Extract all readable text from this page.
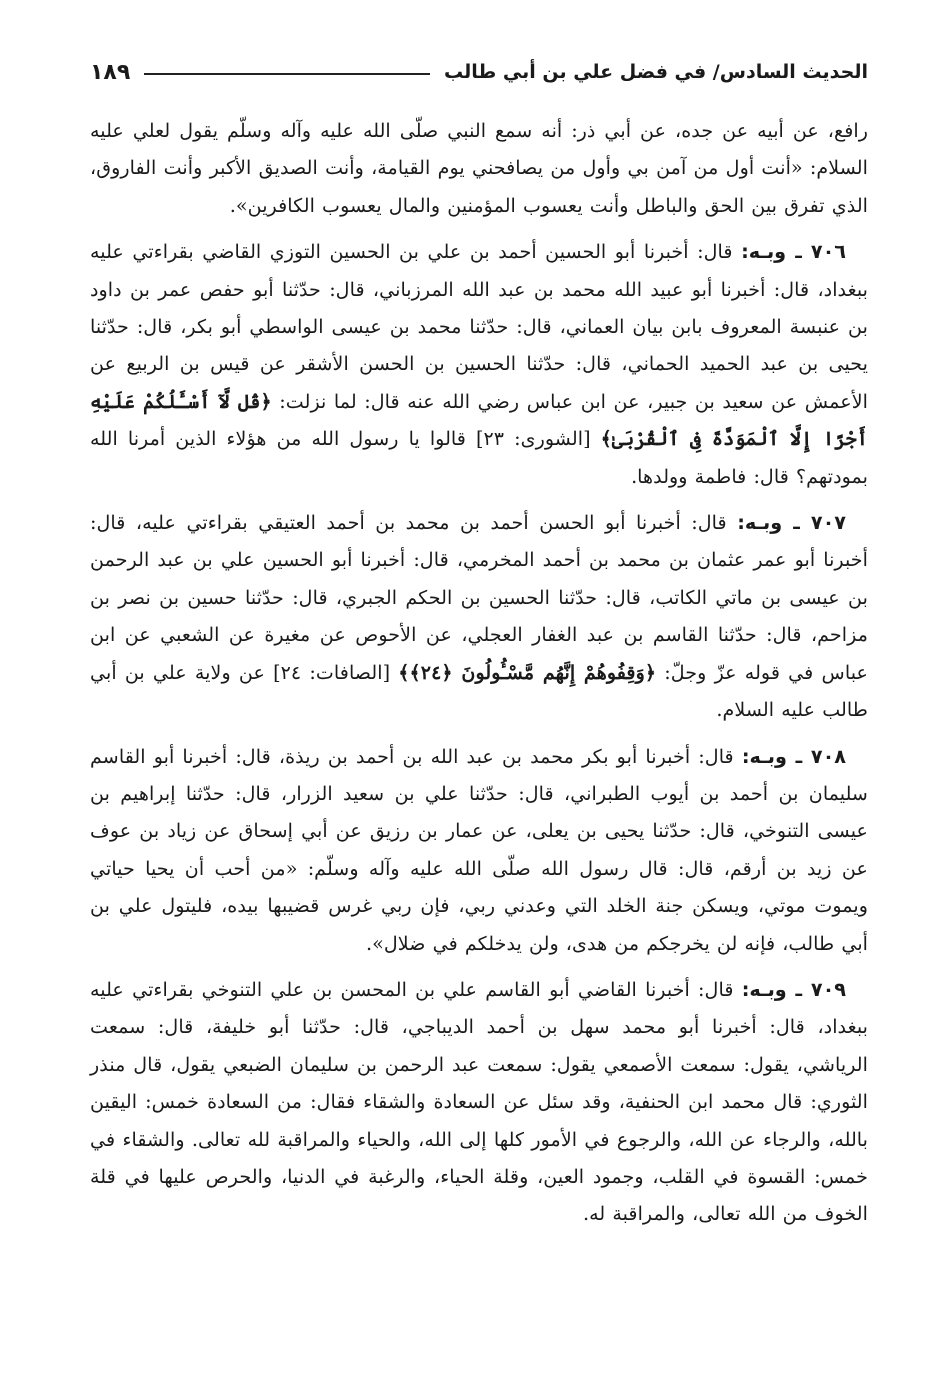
الحديث السادس/ في فضل علي بن أبي طالب
١٨٩

رافع، عن أبيه عن جده، عن أبي ذر: أنه سمع النبي صلّى الله عليه وآله وسلّم يقول لعلي عليه السلام: «أنت أول من آمن بي وأول من يصافحني يوم القيامة، وأنت الصديق الأكبر وأنت الفاروق، الذي تفرق بين الحق والباطل وأنت يعسوب المؤمنين والمال يعسوب الكافرين».

٧٠٦ ـ وبـه: قال: أخبرنا أبو الحسين أحمد بن علي بن الحسين التوزي القاضي بقراءتي عليه ببغداد، قال: أخبرنا أبو عبيد الله محمد بن عبد الله المرزباني، قال: حدّثنا أبو حفص عمر بن داود بن عنبسة المعروف بابن بيان العماني، قال: حدّثنا محمد بن عيسى الواسطي أبو بكر، قال: حدّثنا يحيى بن عبد الحميد الحماني، قال: حدّثنا الحسين بن الحسن الأشقر عن قيس بن الربيع عن الأعمش عن سعيد بن جبير، عن ابن عباس رضي الله عنه قال: لما نزلت: ﴿قُل لَّآ أَسْـَٔلُكُمْ عَلَيْهِ أَجْرًا إِلَّا ٱلْمَوَدَّةَ فِى ٱلْقُرْبَىٰ﴾ [الشورى: ٢٣] قالوا يا رسول الله من هؤلاء الذين أمرنا الله بمودتهم؟ قال: فاطمة وولدها.

٧٠٧ ـ وبـه: قال: أخبرنا أبو الحسن أحمد بن محمد بن أحمد العتيقي بقراءتي عليه، قال: أخبرنا أبو عمر عثمان بن محمد بن أحمد المخرمي، قال: أخبرنا أبو الحسين علي بن عبد الرحمن بن عيسى بن ماتي الكاتب، قال: حدّثنا الحسين بن الحكم الجبري، قال: حدّثنا حسين بن نصر بن مزاحم، قال: حدّثنا القاسم بن عبد الغفار العجلي، عن الأحوص عن مغيرة عن الشعبي عن ابن عباس في قوله عزّ وجلّ: ﴿وَقِفُوهُمْ إِنَّهُم مَّسْـُٔولُونَ ﴿٢٤﴾﴾ [الصافات: ٢٤] عن ولاية علي بن أبي طالب عليه السلام.

٧٠٨ ـ وبـه: قال: أخبرنا أبو بكر محمد بن عبد الله بن أحمد بن ريذة، قال: أخبرنا أبو القاسم سليمان بن أحمد بن أيوب الطبراني، قال: حدّثنا علي بن سعيد الزرار، قال: حدّثنا إبراهيم بن عيسى التنوخي، قال: حدّثنا يحيى بن يعلى، عن عمار بن رزيق عن أبي إسحاق عن زياد بن عوف عن زيد بن أرقم، قال: قال رسول الله صلّى الله عليه وآله وسلّم: «من أحب أن يحيا حياتي ويموت موتي، ويسكن جنة الخلد التي وعدني ربي، فإن ربي غرس قضيبها بيده، فليتول علي بن أبي طالب، فإنه لن يخرجكم من هدى، ولن يدخلكم في ضلال».

٧٠٩ ـ وبـه: قال: أخبرنا القاضي أبو القاسم علي بن المحسن بن علي التنوخي بقراءتي عليه ببغداد، قال: أخبرنا أبو محمد سهل بن أحمد الديباجي، قال: حدّثنا أبو خليفة، قال: سمعت الرياشي، يقول: سمعت الأصمعي يقول: سمعت عبد الرحمن بن سليمان الضبعي يقول، قال منذر الثوري: قال محمد ابن الحنفية، وقد سئل عن السعادة والشقاء فقال: من السعادة خمس: اليقين بالله، والرجاء عن الله، والرجوع في الأمور كلها إلى الله، والحياء والمراقبة لله تعالى. والشقاء في خمس: القسوة في القلب، وجمود العين، وقلة الحياء، والرغبة في الدنيا، والحرص عليها في قلة الخوف من الله تعالى، والمراقبة له.
